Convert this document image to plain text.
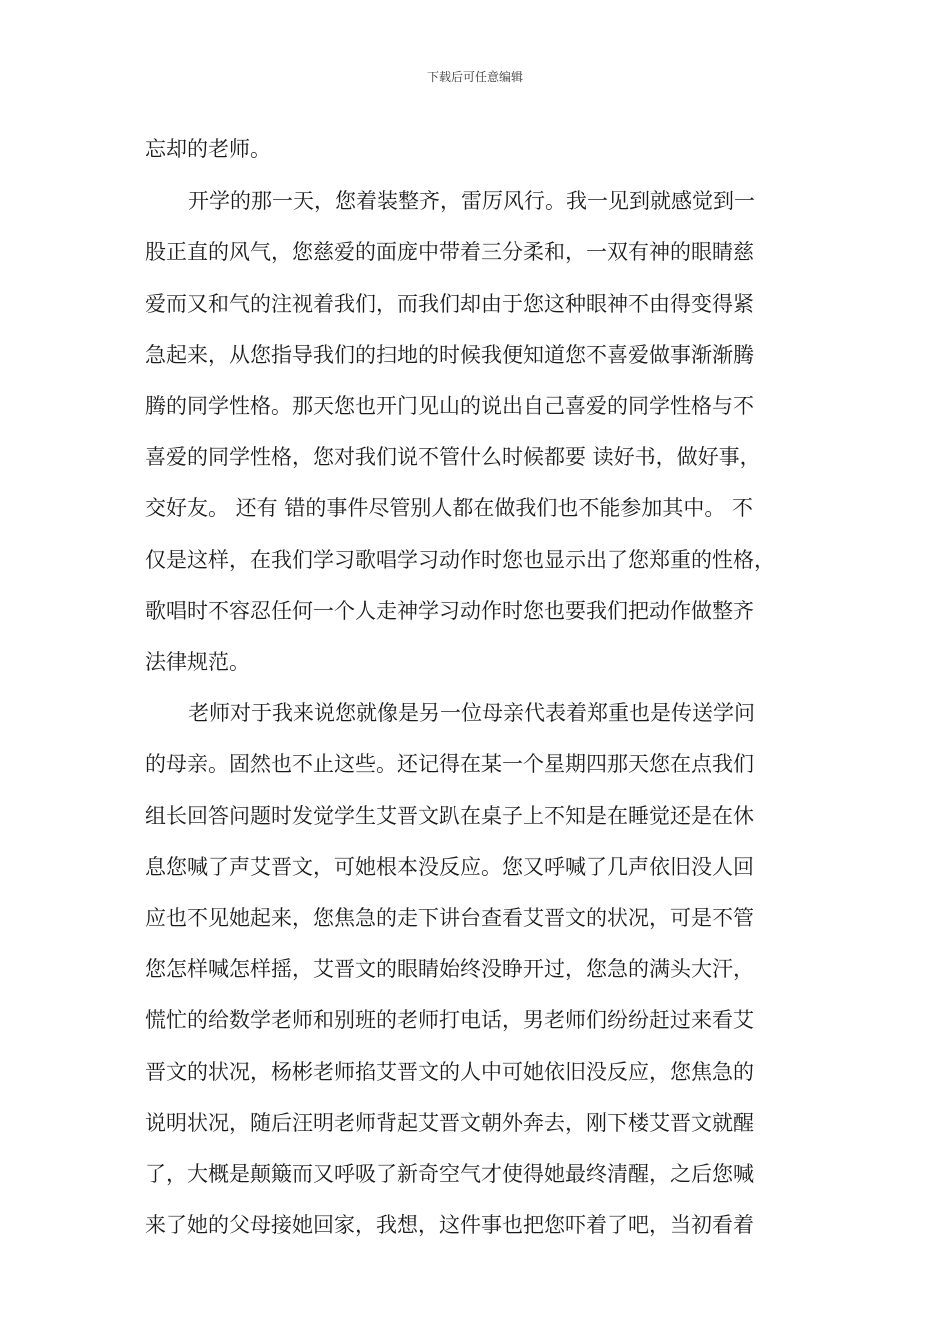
下载后可任意编辑
忘却的老师。
开学的那一天，您着装整齐，雷厉风行。我一见到就感觉到一
股正直的风气，您慈爱的面庞中带着三分柔和，一双有神的眼睛慈
爱而又和气的注视着我们，而我们却由于您这种眼神不由得变得紧
急起来，从您指导我们的扫地的时候我便知道您不喜爱做事渐渐腾
腾的同学性格。那天您也开门见山的说出自己喜爱的同学性格与不
喜爱的同学性格，您对我们说不管什么时候都要 读好书，做好事，
交好友。 还有 错的事件尽管别人都在做我们也不能参加其中。 不
仅是这样，在我们学习歌唱学习动作时您也显示出了您郑重的性格，
歌唱时不容忍任何一个人走神学习动作时您也要我们把动作做整齐
法律规范。
老师对于我来说您就像是另一位母亲代表着郑重也是传送学问
的母亲。固然也不止这些。还记得在某一个星期四那天您在点我们
组长回答问题时发觉学生艾晋文趴在桌子上不知是在睡觉还是在休
息您喊了声艾晋文，可她根本没反应。您又呼喊了几声依旧没人回
应也不见她起来，您焦急的走下讲台查看艾晋文的状况，可是不管
您怎样喊怎样摇，艾晋文的眼睛始终没睁开过，您急的满头大汗，
慌忙的给数学老师和别班的老师打电话，男老师们纷纷赶过来看艾
晋文的状况，杨彬老师掐艾晋文的人中可她依旧没反应，您焦急的
说明状况，随后汪明老师背起艾晋文朝外奔去，刚下楼艾晋文就醒
了，大概是颠簸而又呼吸了新奇空气才使得她最终清醒，之后您喊
来了她的父母接她回家，我想，这件事也把您吓着了吧，当初看着
